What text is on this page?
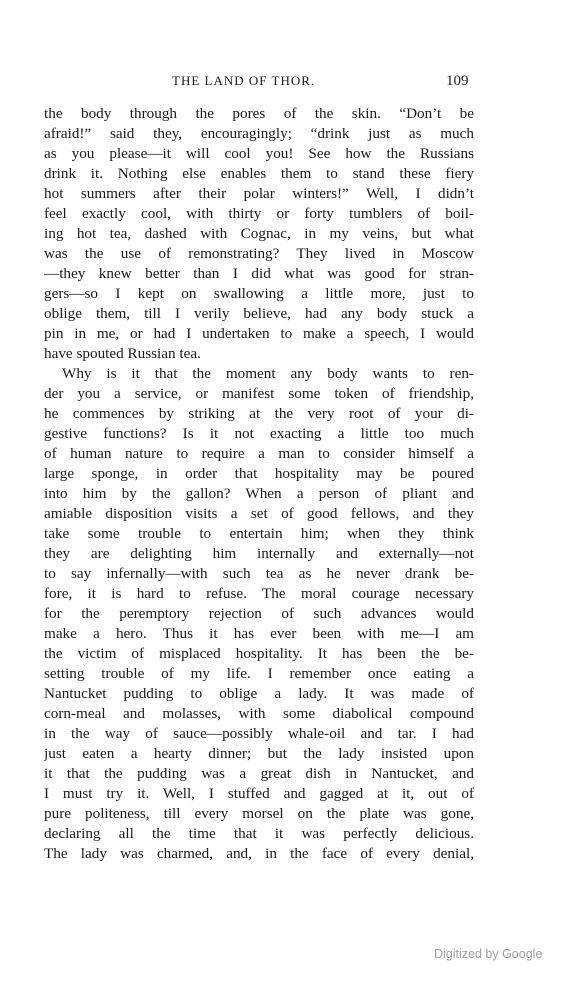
THE LAND OF THOR.	109
the body through the pores of the skin. “Don’t be
afraid!” said they, encouragingly; “drink just as much
as you please—it will cool you! See how the Russians
drink it. Nothing else enables them to stand these fiery
hot summers after their polar winters!” Well, I didn’t
feel exactly cool, with thirty or forty tumblers of boil-
ing hot tea, dashed with Cognac, in my veins, but what
was the use of remonstrating? They lived in Moscow
—they knew better than I did what was good for stran-
gers—so I kept on swallowing a little more, just to
oblige them, till I verily believe, had any body stuck a
pin in me, or had I undertaken to make a speech, I would
have spouted Russian tea.
Why is it that the moment any body wants to ren-
der you a service, or manifest some token of friendship,
he commences by striking at the very root of your di-
gestive functions? Is it not exacting a little too much
of human nature to require a man to consider himself a
large sponge, in order that hospitality may be poured
into him by the gallon? When a person of pliant and
amiable disposition visits a set of good fellows, and they
take some trouble to entertain him; when they think
they are delighting him internally and externally—not
to say infernally—with such tea as he never drank be-
fore, it is hard to refuse. The moral courage necessary
for the peremptory rejection of such advances would
make a hero. Thus it has ever been with me—I am
the victim of misplaced hospitality. It has been the be-
setting trouble of my life. I remember once eating a
Nantucket pudding to oblige a lady. It was made of
corn-meal and molasses, with some diabolical compound
in the way of sauce—possibly whale-oil and tar. I had
just eaten a hearty dinner; but the lady insisted upon
it that the pudding was a great dish in Nantucket, and
I must try it. Well, I stuffed and gagged at it, out of
pure politeness, till every morsel on the plate was gone,
declaring all the time that it was perfectly delicious.
The lady was charmed, and, in the face of every denial,
Digitized by Google
